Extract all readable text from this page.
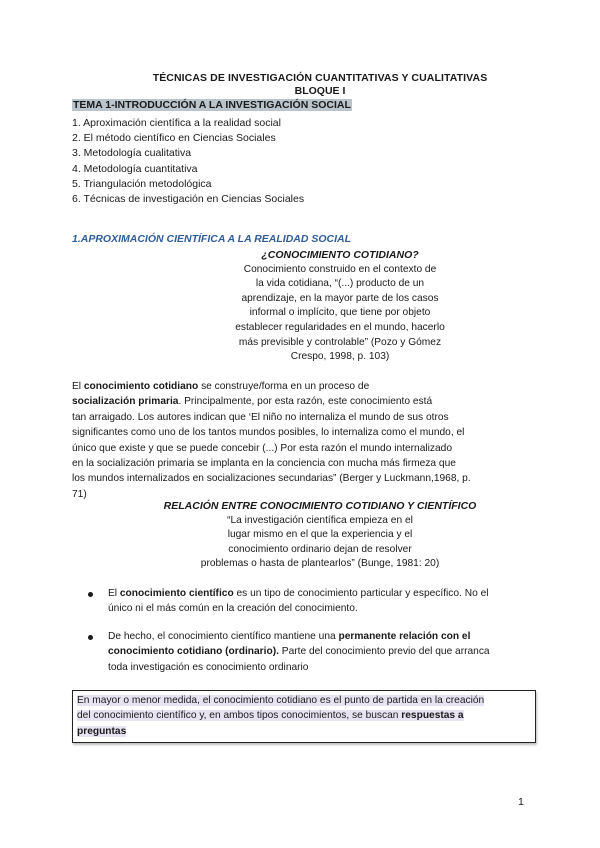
TÉCNICAS DE INVESTIGACIÓN CUANTITATIVAS Y CUALITATIVAS
BLOQUE I
TEMA 1-INTRODUCCIÓN A LA INVESTIGACIÓN SOCIAL
1. Aproximación científica a la realidad social
2. El método científico en Ciencias Sociales
3. Metodología cualitativa
4. Metodología cuantitativa
5. Triangulación metodológica
6. Técnicas de investigación en Ciencias Sociales
1.APROXIMACIÓN CIENTÍFICA A LA REALIDAD SOCIAL
¿CONOCIMIENTO COTIDIANO?
Conocimiento construido en el contexto de
la vida cotidiana, “(...) producto de un
aprendizaje, en la mayor parte de los casos
informal o implícito, que tiene por objeto
establecer regularidades en el mundo, hacerlo
más previsible y controlable” (Pozo y Gómez
Crespo, 1998, p. 103)
El conocimiento cotidiano se construye/forma en un proceso de
socialización primaria. Principalmente, por esta razón, este conocimiento está
tan arraigado. Los autores indican que ‘El niño no internaliza el mundo de sus otros
significantes como uno de los tantos mundos posibles, lo internaliza como el mundo, el
único que existe y que se puede concebir (...) Por esta razón el mundo internalizado
en la socialización primaria se implanta en la conciencia con mucha más firmeza que
los mundos internalizados en socializaciones secundarias” (Berger y Luckmann,1968, p.
71)
RELACIÓN ENTRE CONOCIMIENTO COTIDIANO Y CIENTÍFICO
“La investigación científica empieza en el
lugar mismo en el que la experiencia y el
conocimiento ordinario dejan de resolver
problemas o hasta de plantearlos” (Bunge, 1981: 20)
El conocimiento científico es un tipo de conocimiento particular y específico. No el
único ni el más común en la creación del conocimiento.
De hecho, el conocimiento científico mantiene una permanente relación con el
conocimiento cotidiano (ordinario). Parte del conocimiento previo del que arranca
toda investigación es conocimiento ordinario
En mayor o menor medida, el conocimiento cotidiano es el punto de partida en la creación
del conocimiento científico y, en ambos tipos conocimientos, se buscan respuestas a
preguntas
1
